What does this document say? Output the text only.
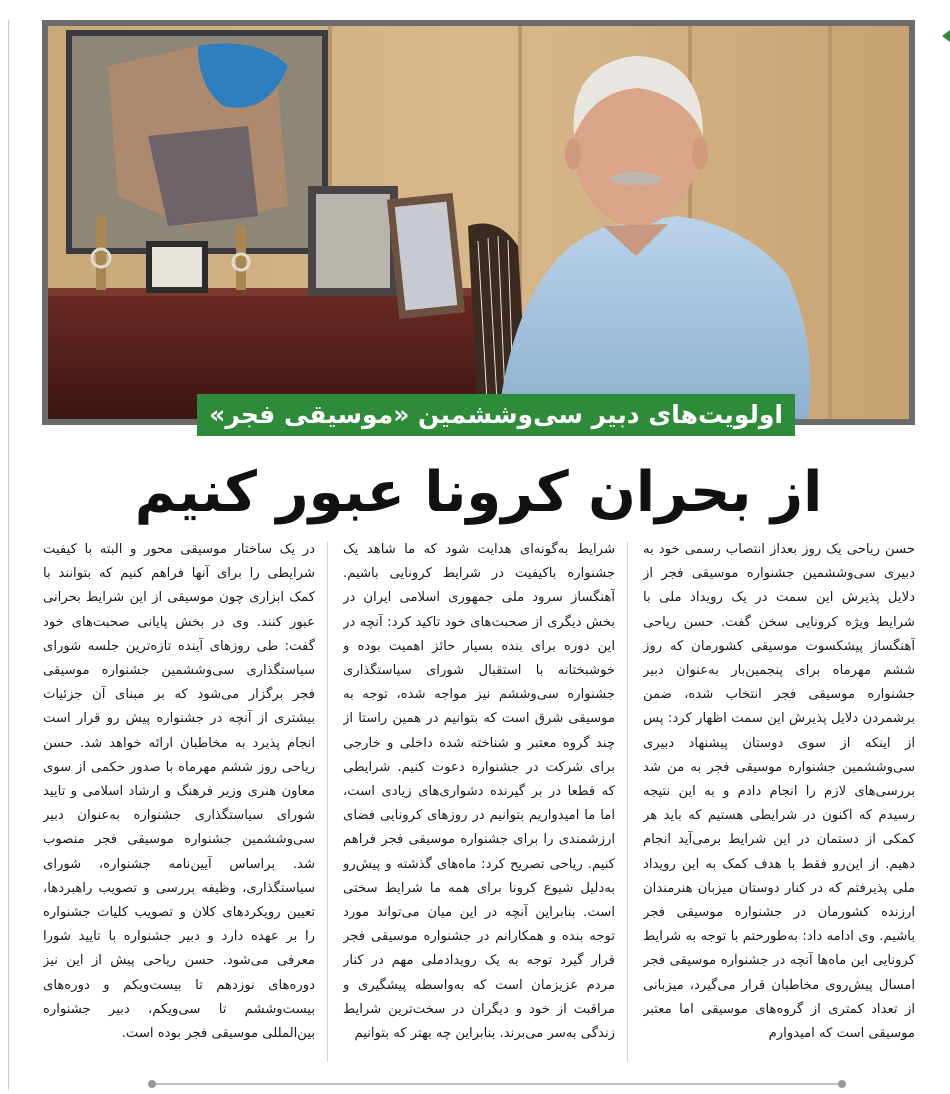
اولویت‌های دبیر سی‌وششمین «موسیقی فجر»
از بحران کرونا عبور کنیم
حسن ریاحی یک روز بعداز انتصاب رسمی خود به دبیری سی‌وششمین جشنواره موسیقی فجر از دلایل پذیرش این سمت در یک رویداد ملی با شرایط ویژه کرونایی سخن گفت. حسن ریاحی آهنگساز پیشکسوت موسیقی کشورمان که روز ششم مهرماه برای پنجمین‌بار به‌عنوان دبیر جشنواره موسیقی فجر انتخاب شده، ضمن برشمردن دلایل پذیرش این سمت اظهار کرد: پس از اینکه از سوی دوستان پیشنهاد دبیری سی‌وششمین جشنواره موسیقی فجر به من شد بررسی‌های لازم را انجام دادم و به این نتیجه رسیدم که اکنون در شرایطی هستیم که باید هر کمکی از دستمان در این شرایط برمی‌آید انجام دهیم. از این‌رو فقط با هدف کمک به این رویداد ملی پذیرفتم که در کنار دوستان میزبان هنرمندان ارزنده کشورمان در جشنواره موسیقی فجر باشیم. وی ادامه داد: به‌طورحتم با توجه به شرایط کرونایی این ماه‌ها آنچه در جشنواره موسیقی فجر امسال پیش‌روی مخاطبان قرار می‌گیرد، میزبانی از تعداد کمتری از گروه‌های موسیقی اما معتبر موسیقی است که امیدوارم
شرایط به‌گونه‌ای هدایت شود که ما شاهد یک جشنواره باکیفیت در شرایط کرونایی باشیم. آهنگساز سرود ملی جمهوری اسلامی ایران در بخش دیگری از صحبت‌های خود تاکید کرد: آنچه در این دوره برای بنده بسیار حائز اهمیت بوده و خوشبختانه با استقبال شورای سیاستگذاری جشنواره سی‌وششم نیز مواجه شده، توجه به موسیقی شرق است که بتوانیم در همین راستا از چند گروه معتبر و شناخته شده داخلی و خارجی برای شرکت در جشنواره دعوت کنیم. شرایطی که قطعا در بر گیرنده دشواری‌های زیادی است، اما ما امیدواریم بتوانیم در روزهای کرونایی فضای ارزشمندی را برای جشنواره موسیقی فجر فراهم کنیم. ریاحی تصریح کرد: ماه‌های گذشته و پیش‌رو به‌دلیل شیوع کرونا برای همه ما شرایط سختی است. بنابراین آنچه در این میان می‌تواند مورد توجه بنده و همکارانم در جشنواره موسیقی فجر قرار گیرد توجه به یک رویدادملی مهم در کنار مردم عزیزمان است که به‌واسطه پیشگیری و مراقبت از خود و دیگران در سخت‌ترین شرایط زندگی به‌سر می‌برند. بنابراین چه بهتر که بتوانیم
در یک ساختار موسیقی محور و البته با کیفیت شرایطی را برای آنها فراهم کنیم که بتوانند با کمک ابزاری چون موسیقی از این شرایط بحرانی عبور کنند. وی در بخش پایانی صحبت‌های خود گفت: طی روزهای آینده تازه‌ترین جلسه شورای سیاستگذاری سی‌وششمین جشنواره موسیقی فجر برگزار می‌شود که بر مبنای آن جزئیات بیشتری از آنچه در جشنواره پیش رو قرار است انجام پذیرد به مخاطبان ارائه خواهد شد. حسن ریاحی روز ششم مهرماه با صدور حکمی از سوی معاون هنری وزیر فرهنگ و ارشاد اسلامی و تایید شورای سیاستگذاری جشنواره به‌عنوان دبیر سی‌وششمین جشنواره موسیقی فجر منصوب شد. براساس آیین‌نامه جشنواره، شورای سیاستگذاری، وظیفه بررسی و تصویب راهبردها، تعیین رویکردهای کلان و تصویب کلیات جشنواره را بر عهده دارد و دبیر جشنواره با تایید شورا معرفی می‌شود. حسن ریاحی پیش از این نیز دوره‌های نوزدهم تا بیست‌ویکم و دوره‌های بیست‌وششم تا سی‌ویکم، دبیر جشنواره بین‌المللی موسیقی فجر بوده است.
